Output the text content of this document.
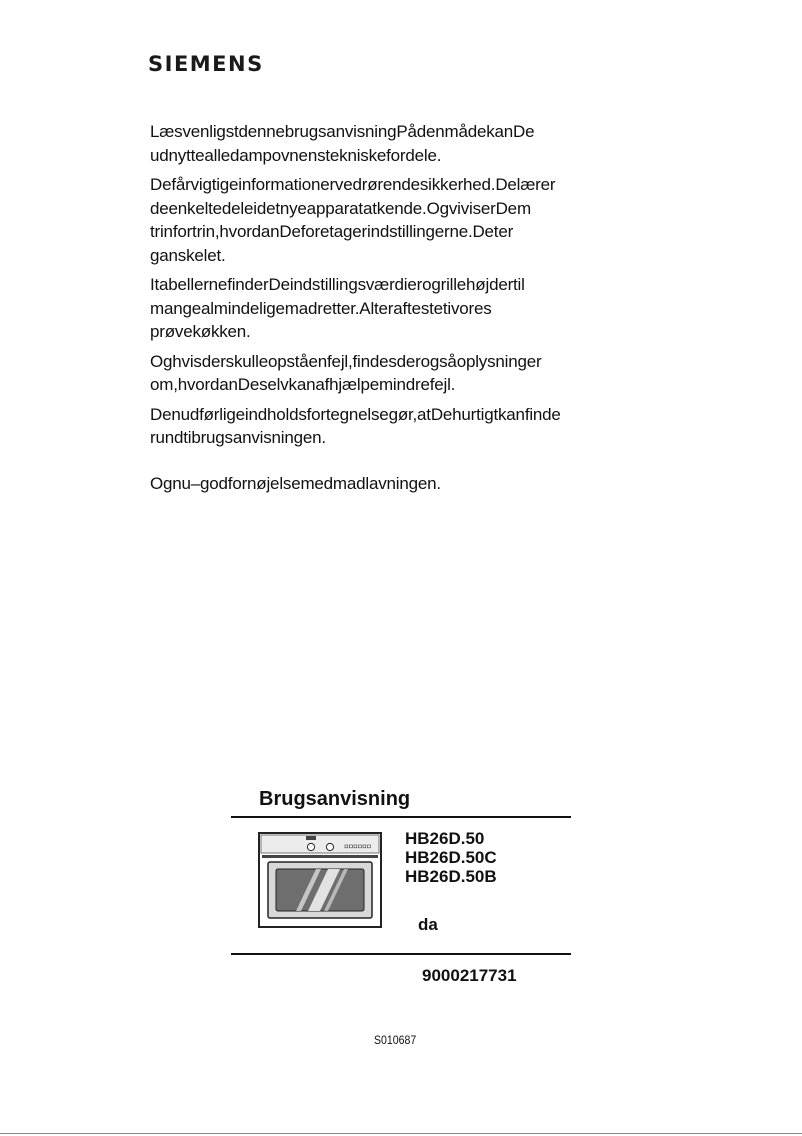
SIEMENS

LæsvenligstdennebrugsanvisningPådenmådekanDe
udnyttealledampovnenstekniskefordele.

Defårvigtigeinformationervedrørendesikkerhed.Delærer
deenkeltedeleidetnyeapparatatkende.OgviviserDem
trinfortrin,hvordanDeforetagerindstillingerne.Deter
ganskelet.

ItabellernefinderDeindstillingsværdierogrillehøjdertil
mangealmindeligemadretter.Alteraftestetivores
prøvekøkken.

Oghvisderskulleopståenfejl,findesderogsåoplysninger
om,hvordanDeselvkanafhjælpemindrefejl.

Denudførligeindholdsfortegnelsegør,atDehurtigtkanfinde
rundtibrugsanvisningen.

Ognu–godfornøjelsemedmadlavningen.
Brugsanvisning
HB26D.50
HB26D.50C
HB26D.50B
da
9000217731
S010687
